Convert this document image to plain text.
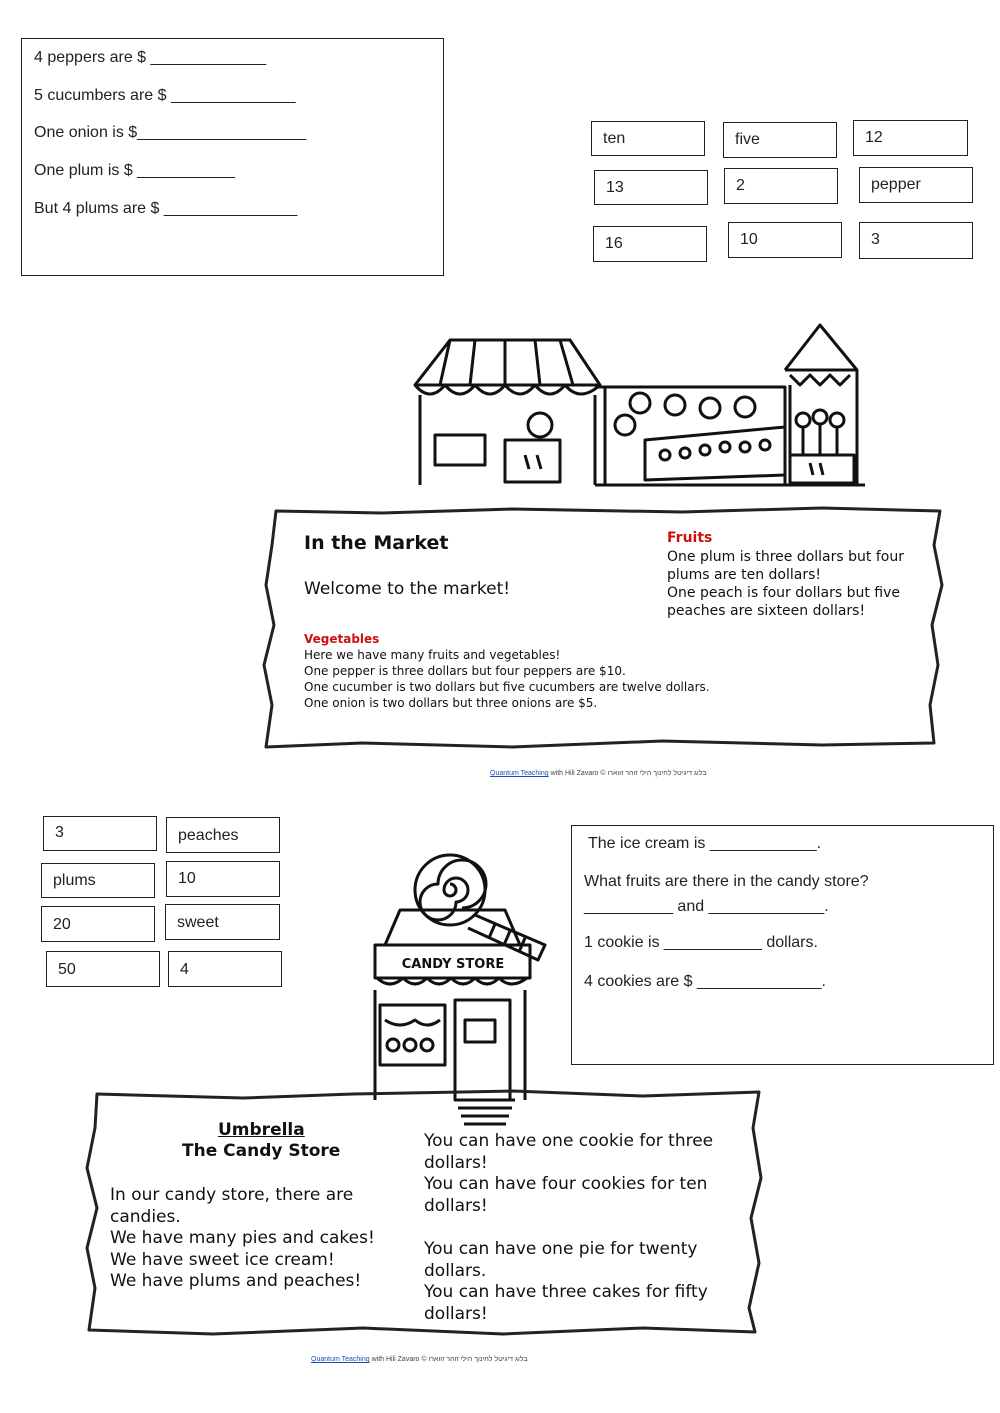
4 peppers are $ _____________
5 cucumbers are $ ______________
One onion is $___________________
One plum is $ ___________
But 4 plums are $ _______________
ten	five	12
13	2	pepper
16	10	3
In the Market
Welcome to the market!
Fruits
One plum is three dollars but four
plums are ten dollars!
One peach is four dollars but five
peaches are sixteen dollars!
Vegetables
Here we have many fruits and vegetables!
One pepper is three dollars but four peppers are $10.
One cucumber is two dollars but five cucumbers are twelve dollars.
One onion is two dollars but three onions are $5.
Quantum Teaching with Hili Zavaro © בלוג דיגיטל לחינוך הילי זוהר זווארו
3	peaches
plums	10
20	sweet
50	4
The ice cream is ____________.
What fruits are there in the candy store?
__________ and _____________.
1 cookie is ___________ dollars.
4 cookies are $ ______________.
CANDY STORE
Umbrella
The Candy Store
In our candy store, there are
candies.
We have many pies and cakes!
We have sweet ice cream!
We have plums and peaches!
You can have one cookie for three
dollars!
You can have four cookies for ten
dollars!
You can have one pie for twenty
dollars.
You can have three cakes for fifty
dollars!
Quantum Teaching with Hili Zavaro © בלוג דיגיטל לחינוך הילי זוהר זווארו
